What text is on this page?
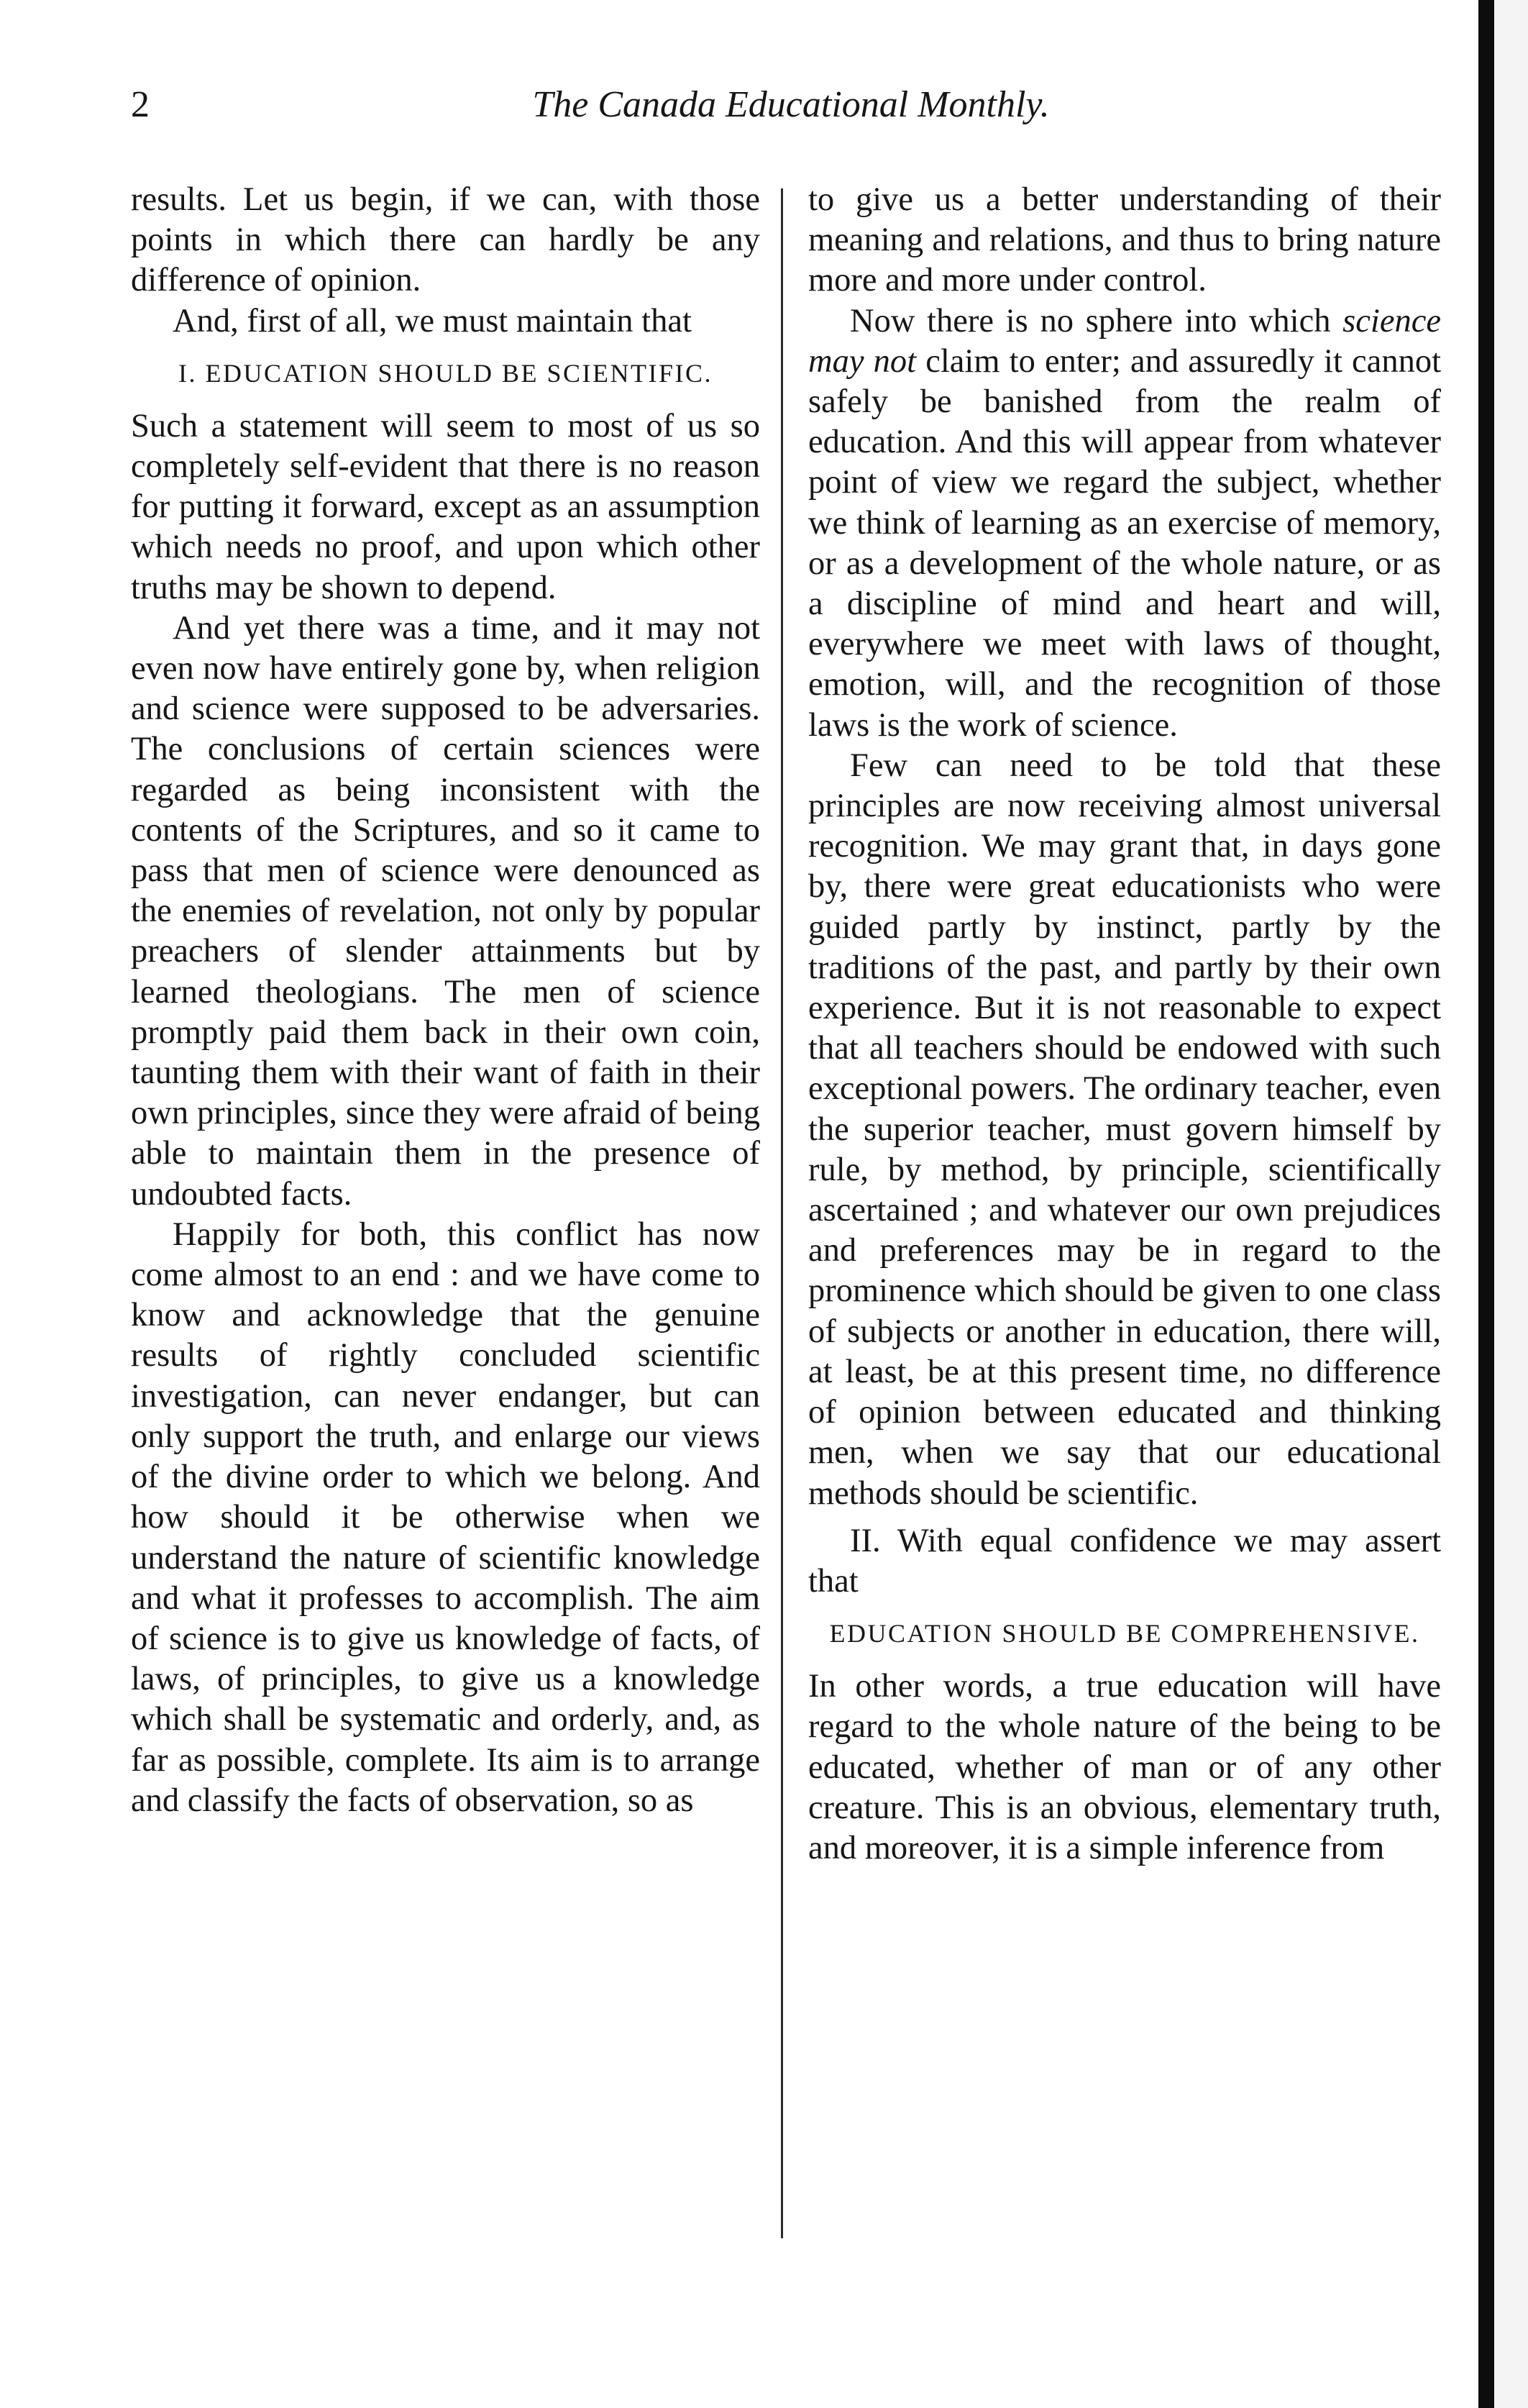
2	The Canada Educational Monthly.

results. Let us begin, if we can, with those points in which there can hardly be any difference of opinion.

And, first of all, we must maintain that

I. EDUCATION SHOULD BE SCIENTIFIC.

Such a statement will seem to most of us so completely self-evident that there is no reason for putting it forward, except as an assumption which needs no proof, and upon which other truths may be shown to depend.

And yet there was a time, and it may not even now have entirely gone by, when religion and science were supposed to be adversaries. The conclusions of certain sciences were regarded as being inconsistent with the contents of the Scriptures, and so it came to pass that men of science were denounced as the enemies of revelation, not only by popular preachers of slender attainments but by learned theologians. The men of science promptly paid them back in their own coin, taunting them with their want of faith in their own principles, since they were afraid of being able to maintain them in the presence of undoubted facts.

Happily for both, this conflict has now come almost to an end : and we have come to know and acknowledge that the genuine results of rightly concluded scientific investigation, can never endanger, but can only support the truth, and enlarge our views of the divine order to which we belong. And how should it be otherwise when we understand the nature of scientific knowledge and what it professes to accomplish. The aim of science is to give us knowledge of facts, of laws, of principles, to give us a knowledge which shall be systematic and orderly, and, as far as possible, complete. Its aim is to arrange and classify the facts of observation, so as

to give us a better understanding of their meaning and relations, and thus to bring nature more and more under control.

Now there is no sphere into which science may not claim to enter; and assuredly it cannot safely be banished from the realm of education. And this will appear from whatever point of view we regard the subject, whether we think of learning as an exercise of memory, or as a development of the whole nature, or as a discipline of mind and heart and will, everywhere we meet with laws of thought, emotion, will, and the recognition of those laws is the work of science.

Few can need to be told that these principles are now receiving almost universal recognition. We may grant that, in days gone by, there were great educationists who were guided partly by instinct, partly by the traditions of the past, and partly by their own experience. But it is not reasonable to expect that all teachers should be endowed with such exceptional powers. The ordinary teacher, even the superior teacher, must govern himself by rule, by method, by principle, scientifically ascertained ; and whatever our own prejudices and preferences may be in regard to the prominence which should be given to one class of subjects or another in education, there will, at least, be at this present time, no difference of opinion between educated and thinking men, when we say that our educational methods should be scientific.

II. With equal confidence we may assert that

EDUCATION SHOULD BE COMPREHENSIVE.

In other words, a true education will have regard to the whole nature of the being to be educated, whether of man or of any other creature. This is an obvious, elementary truth, and moreover, it is a simple inference from
